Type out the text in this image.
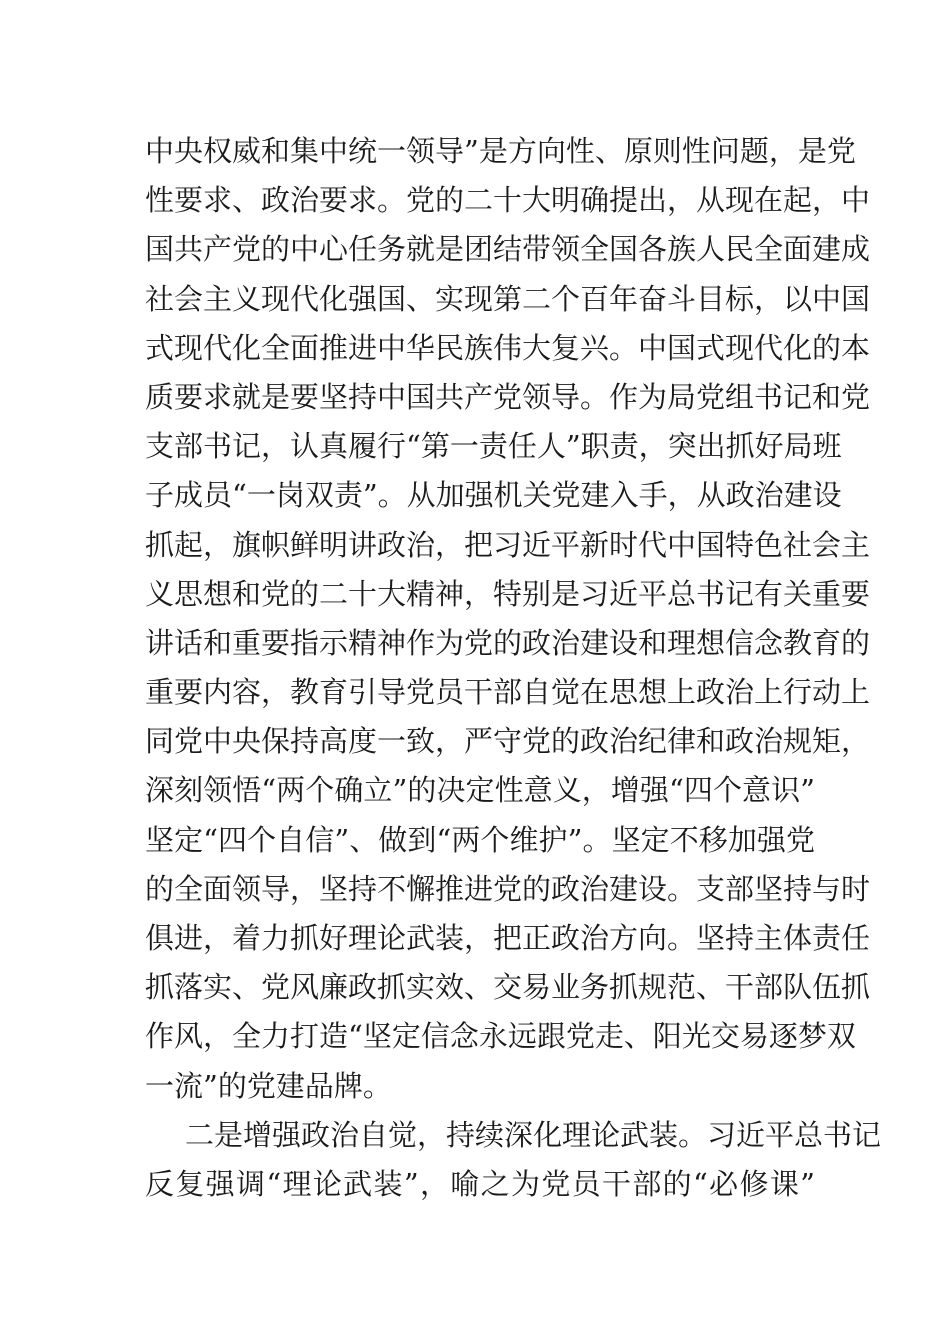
中央权威和集中统一领导”是方向性、原则性问题，是党
性要求、政治要求。党的二十大明确提出，从现在起，中
国共产党的中心任务就是团结带领全国各族人民全面建成
社会主义现代化强国、实现第二个百年奋斗目标，以中国
式现代化全面推进中华民族伟大复兴。中国式现代化的本
质要求就是要坚持中国共产党领导。作为局党组书记和党
支部书记，认真履行“第一责任人”职责，突出抓好局班
子成员“一岗双责”。从加强机关党建入手，从政治建设
抓起，旗帜鲜明讲政治，把习近平新时代中国特色社会主
义思想和党的二十大精神，特别是习近平总书记有关重要
讲话和重要指示精神作为党的政治建设和理想信念教育的
重要内容，教育引导党员干部自觉在思想上政治上行动上
同党中央保持高度一致，严守党的政治纪律和政治规矩，
深刻领悟“两个确立”的决定性意义，增强“四个意识”
坚定“四个自信”、做到“两个维护”。坚定不移加强党
的全面领导，坚持不懈推进党的政治建设。支部坚持与时
俱进，着力抓好理论武装，把正政治方向。坚持主体责任
抓落实、党风廉政抓实效、交易业务抓规范、干部队伍抓
作风，全力打造“坚定信念永远跟党走、阳光交易逐梦双
一流”的党建品牌。
二是增强政治自觉，持续深化理论武装。习近平总书记
反复强调“理论武装”，喻之为党员干部的“必修课”
